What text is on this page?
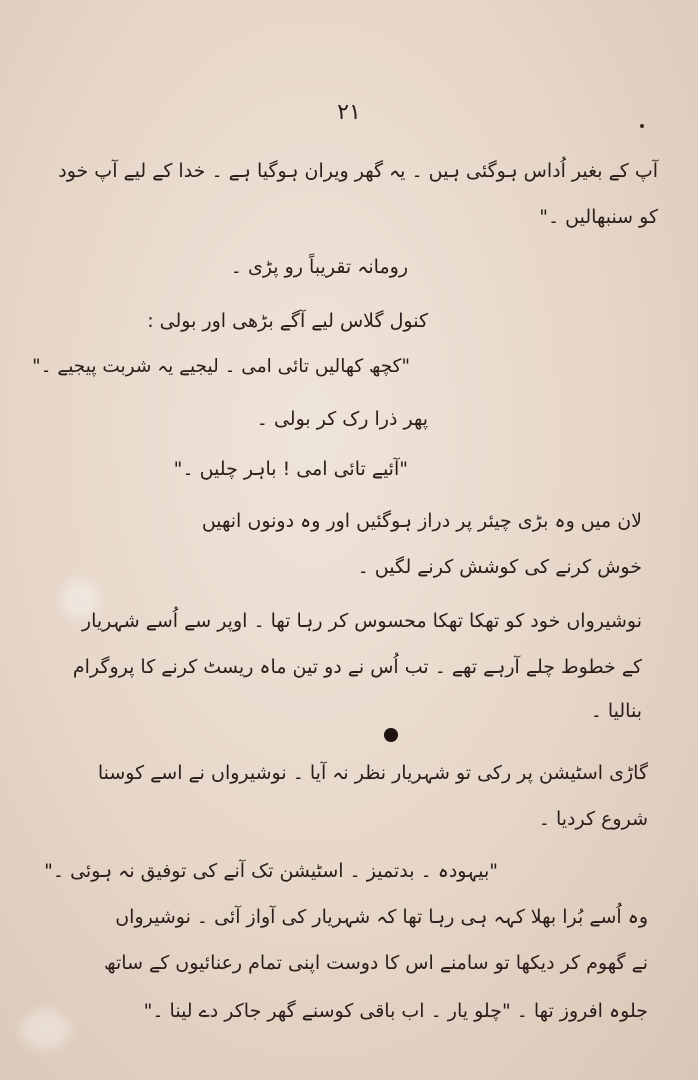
٢١
آپ کے بغیر اُداس ہوگئی ہیں ۔ یہ گھر ویران ہوگیا ہے ۔ خدا کے لیے آپ خود
کو سنبھالیں ۔"
رومانہ تقریباً رو پڑی ۔
کنول گلاس لیے آگے بڑھی اور بولی :
"کچھ کھالیں تائی امی ۔ لیجیے یہ شربت پیجیے ۔"
پھر ذرا رک کر بولی ۔
"آئیے تائی امی ! باہر چلیں ۔"
لان میں وہ بڑی چیئر پر دراز ہوگئیں اور وہ دونوں انھیں
خوش کرنے کی کوشش کرنے لگیں ۔
نوشیرواں خود کو تھکا تھکا محسوس کر رہا تھا ۔ اوپر سے اُسے شہریار
کے خطوط چلے آرہے تھے ۔ تب اُس نے دو تین ماہ ریسٹ کرنے کا پروگرام
بنالیا ۔
گاڑی اسٹیشن پر رکی تو شہریار نظر نہ آیا ۔ نوشیرواں نے اسے کوسنا
شروع کردیا ۔
"بیہودہ ۔ بدتمیز ۔ اسٹیشن تک آنے کی توفیق نہ ہوئی ۔"
وہ اُسے بُرا بھلا کہہ ہی رہا تھا کہ شہریار کی آواز آئی ۔ نوشیرواں
نے گھوم کر دیکھا تو سامنے اس کا دوست اپنی تمام رعنائیوں کے ساتھ
جلوہ افروز تھا ۔ "چلو یار ۔ اب باقی کوسنے گھر جاکر دے لینا ۔"
